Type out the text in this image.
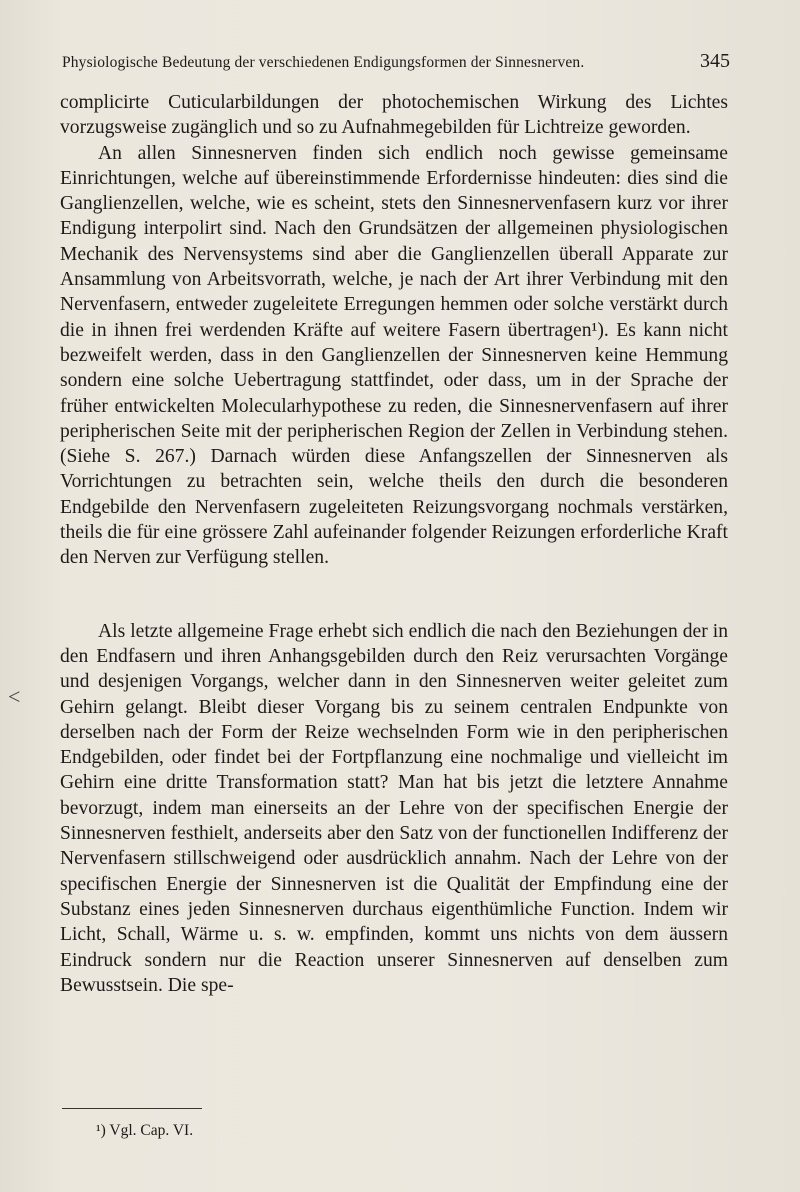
Physiologische Bedeutung der verschiedenen Endigungsformen der Sinnesnerven.	345

complicirte Cuticularbildungen der photochemischen Wirkung des Lichtes vorzugsweise zugänglich und so zu Aufnahmegebilden für Lichtreize geworden.

An allen Sinnesnerven finden sich endlich noch gewisse gemeinsame Einrichtungen, welche auf übereinstimmende Erfordernisse hindeuten: dies sind die Ganglienzellen, welche, wie es scheint, stets den Sinnesnervenfasern kurz vor ihrer Endigung interpolirt sind. Nach den Grundsätzen der allgemeinen physiologischen Mechanik des Nervensystems sind aber die Ganglienzellen überall Apparate zur Ansammlung von Arbeitsvorrath, welche, je nach der Art ihrer Verbindung mit den Nervenfasern, entweder zugeleitete Erregungen hemmen oder solche verstärkt durch die in ihnen frei werdenden Kräfte auf weitere Fasern übertragen¹). Es kann nicht bezweifelt werden, dass in den Ganglienzellen der Sinnesnerven keine Hemmung sondern eine solche Uebertragung stattfindet, oder dass, um in der Sprache der früher entwickelten Molecularhypothese zu reden, die Sinnesnervenfasern auf ihrer peripherischen Seite mit der peripherischen Region der Zellen in Verbindung stehen. (Siehe S. 267.) Darnach würden diese Anfangszellen der Sinnesnerven als Vorrichtungen zu betrachten sein, welche theils den durch die besonderen Endgebilde den Nervenfasern zugeleiteten Reizungsvorgang nochmals verstärken, theils die für eine grössere Zahl aufeinander folgender Reizungen erforderliche Kraft den Nerven zur Verfügung stellen.

Als letzte allgemeine Frage erhebt sich endlich die nach den Beziehungen der in den Endfasern und ihren Anhangsgebilden durch den Reiz verursachten Vorgänge und desjenigen Vorgangs, welcher dann in den Sinnesnerven weiter geleitet zum Gehirn gelangt. Bleibt dieser Vorgang bis zu seinem centralen Endpunkte von derselben nach der Form der Reize wechselnden Form wie in den peripherischen Endgebilden, oder findet bei der Fortpflanzung eine nochmalige und vielleicht im Gehirn eine dritte Transformation statt? Man hat bis jetzt die letztere Annahme bevorzugt, indem man einerseits an der Lehre von der specifischen Energie der Sinnesnerven festhielt, anderseits aber den Satz von der functionellen Indifferenz der Nervenfasern stillschweigend oder ausdrücklich annahm. Nach der Lehre von der specifischen Energie der Sinnesnerven ist die Qualität der Empfindung eine der Substanz eines jeden Sinnesnerven durchaus eigenthümliche Function. Indem wir Licht, Schall, Wärme u. s. w. empfinden, kommt uns nichts von dem äussern Eindruck sondern nur die Reaction unserer Sinnesnerven auf denselben zum Bewusstsein. Die spe-

<
¹) Vgl. Cap. VI.
